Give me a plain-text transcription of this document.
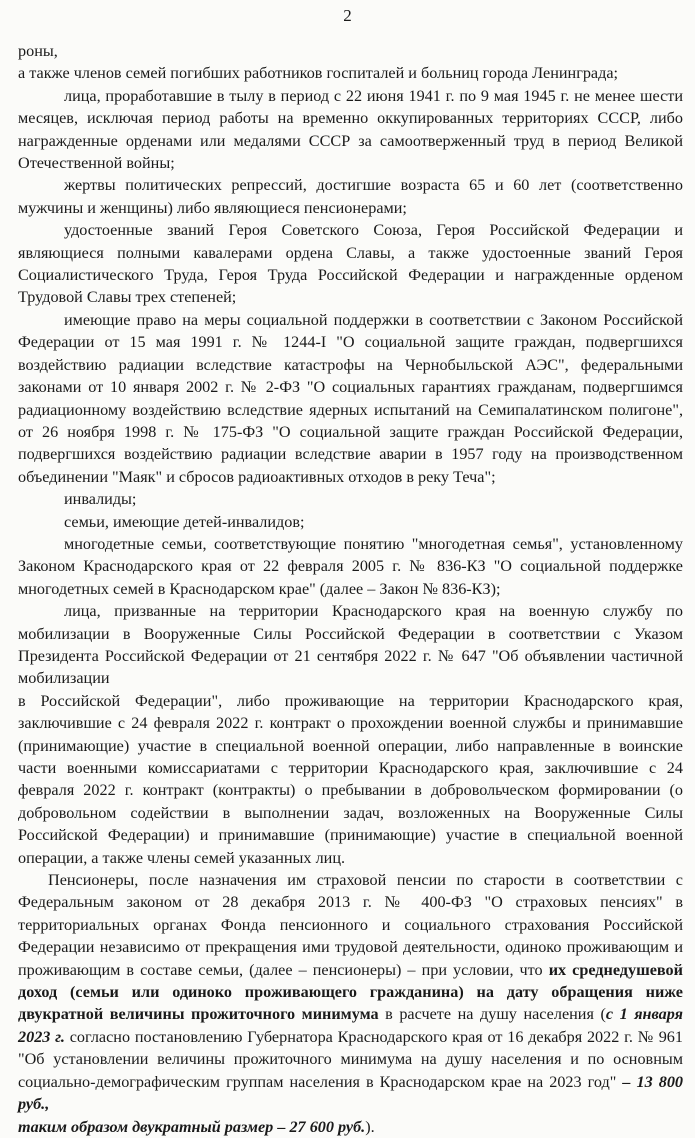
2

роны,

а также членов семей погибших работников госпиталей и больниц города Ленинграда;

лица, проработавшие в тылу в период с 22 июня 1941 г. по 9 мая 1945 г. не менее шести месяцев, исключая период работы на временно оккупированных территориях СССР, либо награжденные орденами или медалями СССР за самоотверженный труд в период Великой Отечественной войны;

жертвы политических репрессий, достигшие возраста 65 и 60 лет (соответственно мужчины и женщины) либо являющиеся пенсионерами;

удостоенные званий Героя Советского Союза, Героя Российской Федерации и являющиеся полными кавалерами ордена Славы, а также удостоенные званий Героя Социалистического Труда, Героя Труда Российской Федерации и награжденные орденом Трудовой Славы трех степеней;

имеющие право на меры социальной поддержки в соответствии с Законом Российской Федерации от 15 мая 1991 г. № 1244-I "О социальной защите граждан, подвергшихся воздействию радиации вследствие катастрофы на Чернобыльской АЭС", федеральными законами от 10 января 2002 г. № 2-ФЗ "О социальных гарантиях гражданам, подвергшимся радиационному воздействию вследствие ядерных испытаний на Семипалатинском полигоне", от 26 ноября 1998 г. № 175-ФЗ "О социальной защите граждан Российской Федерации, подвергшихся воздействию радиации вследствие аварии в 1957 году на производственном объединении "Маяк" и сбросов радиоактивных отходов в реку Теча";

инвалиды;

семьи, имеющие детей-инвалидов;

многодетные семьи, соответствующие понятию "многодетная семья", установленному Законом Краснодарского края от 22 февраля 2005 г. № 836-КЗ "О социальной поддержке многодетных семей в Краснодарском крае" (далее – Закон № 836-КЗ);

лица, призванные на территории Краснодарского края на военную службу по мобилизации в Вооруженные Силы Российской Федерации в соответствии с Указом Президента Российской Федерации от 21 сентября 2022 г. № 647 "Об объявлении частичной мобилизации

в Российской Федерации", либо проживающие на территории Краснодарского края, заключившие с 24 февраля 2022 г. контракт о прохождении военной службы и принимавшие (принимающие) участие в специальной военной операции, либо направленные в воинские части военными комиссариатами с территории Краснодарского края, заключившие с 24 февраля 2022 г. контракт (контракты) о пребывании в добровольческом формировании (о добровольном содействии в выполнении задач, возложенных на Вооруженные Силы Российской Федерации) и принимавшие (принимающие) участие в специальной военной операции, а также члены семей указанных лиц.

Пенсионеры, после назначения им страховой пенсии по старости в соответствии с Федеральным законом от 28 декабря 2013 г. № 400-ФЗ "О страховых пенсиях" в территориальных органах Фонда пенсионного и социального страхования Российской Федерации независимо от прекращения ими трудовой деятельности, одиноко проживающим и проживающим в составе семьи, (далее – пенсионеры) – при условии, что их среднедушевой доход (семьи или одиноко проживающего гражданина) на дату обращения ниже двукратной величины прожиточного минимума в расчете на душу населения (с 1 января 2023 г. согласно постановлению Губернатора Краснодарского края от 16 декабря 2022 г. № 961 "Об установлении величины прожиточного минимума на душу населения и по основным социально-демографическим группам населения в Краснодарском крае на 2023 год" – 13 800 руб.,
таким образом двукратный размер – 27 600 руб.).
